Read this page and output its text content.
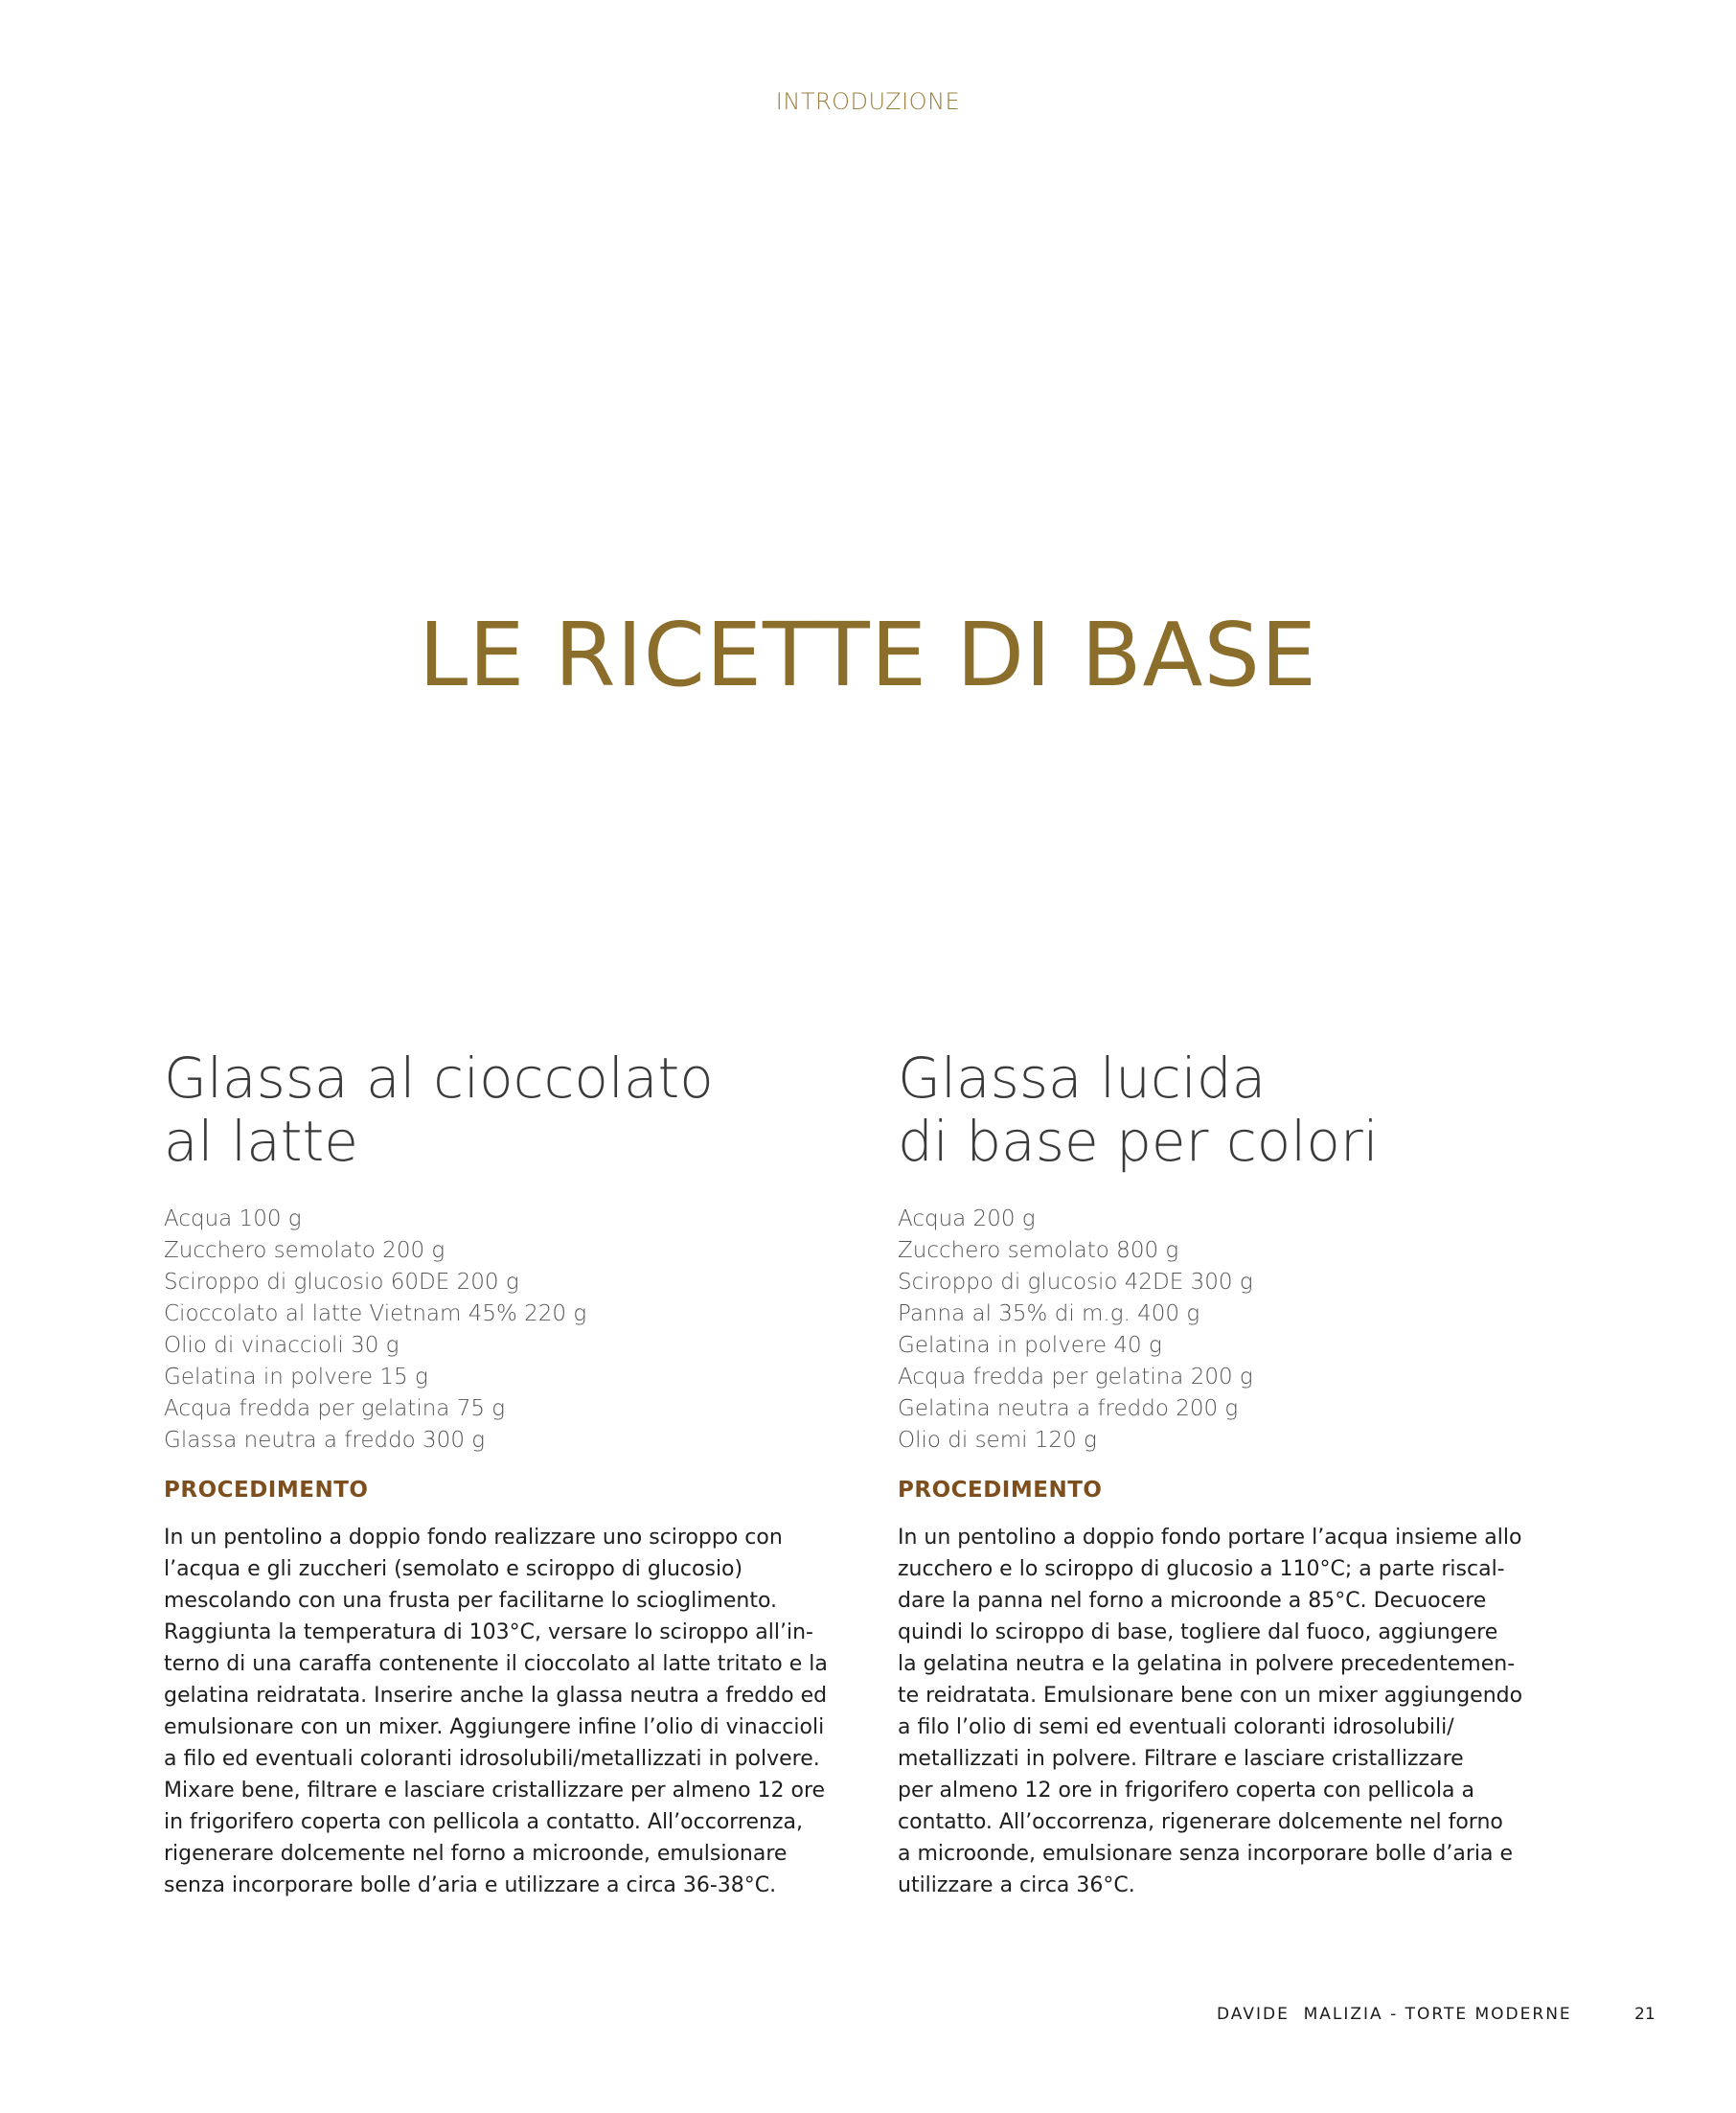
INTRODUZIONE
LE RICETTE DI BASE
Glassa al cioccolato
al latte
Acqua 100 g
Zucchero semolato 200 g
Sciroppo di glucosio 60DE 200 g
Cioccolato al latte Vietnam 45% 220 g
Olio di vinaccioli 30 g
Gelatina in polvere 15 g
Acqua fredda per gelatina 75 g
Glassa neutra a freddo 300 g
PROCEDIMENTO

In un pentolino a doppio fondo realizzare uno sciroppo con
l’acqua e gli zuccheri (semolato e sciroppo di glucosio)
mescolando con una frusta per facilitarne lo scioglimento.
Raggiunta la temperatura di 103°C, versare lo sciroppo all’in-
terno di una caraffa contenente il cioccolato al latte tritato e la
gelatina reidratata. Inserire anche la glassa neutra a freddo ed
emulsionare con un mixer. Aggiungere infine l’olio di vinaccioli
a filo ed eventuali coloranti idrosolubili/metallizzati in polvere.
Mixare bene, filtrare e lasciare cristallizzare per almeno 12 ore
in frigorifero coperta con pellicola a contatto. All’occorrenza,
rigenerare dolcemente nel forno a microonde, emulsionare
senza incorporare bolle d’aria e utilizzare a circa 36-38°C.

Glassa lucida
di base per colori
Acqua 200 g
Zucchero semolato 800 g
Sciroppo di glucosio 42DE 300 g
Panna al 35% di m.g. 400 g
Gelatina in polvere 40 g
Acqua fredda per gelatina 200 g
Gelatina neutra a freddo 200 g
Olio di semi 120 g
PROCEDIMENTO

In un pentolino a doppio fondo portare l’acqua insieme allo
zucchero e lo sciroppo di glucosio a 110°C; a parte riscal-
dare la panna nel forno a microonde a 85°C. Decuocere
quindi lo sciroppo di base, togliere dal fuoco, aggiungere
la gelatina neutra e la gelatina in polvere precedentemen-
te reidratata. Emulsionare bene con un mixer aggiungendo
a filo l’olio di semi ed eventuali coloranti idrosolubili/
metallizzati in polvere. Filtrare e lasciare cristallizzare
per almeno 12 ore in frigorifero coperta con pellicola a
contatto. All’occorrenza, rigenerare dolcemente nel forno
a microonde, emulsionare senza incorporare bolle d’aria e
utilizzare a circa 36°C.

DAVIDE  MALIZIA - TORTE MODERNE	21
